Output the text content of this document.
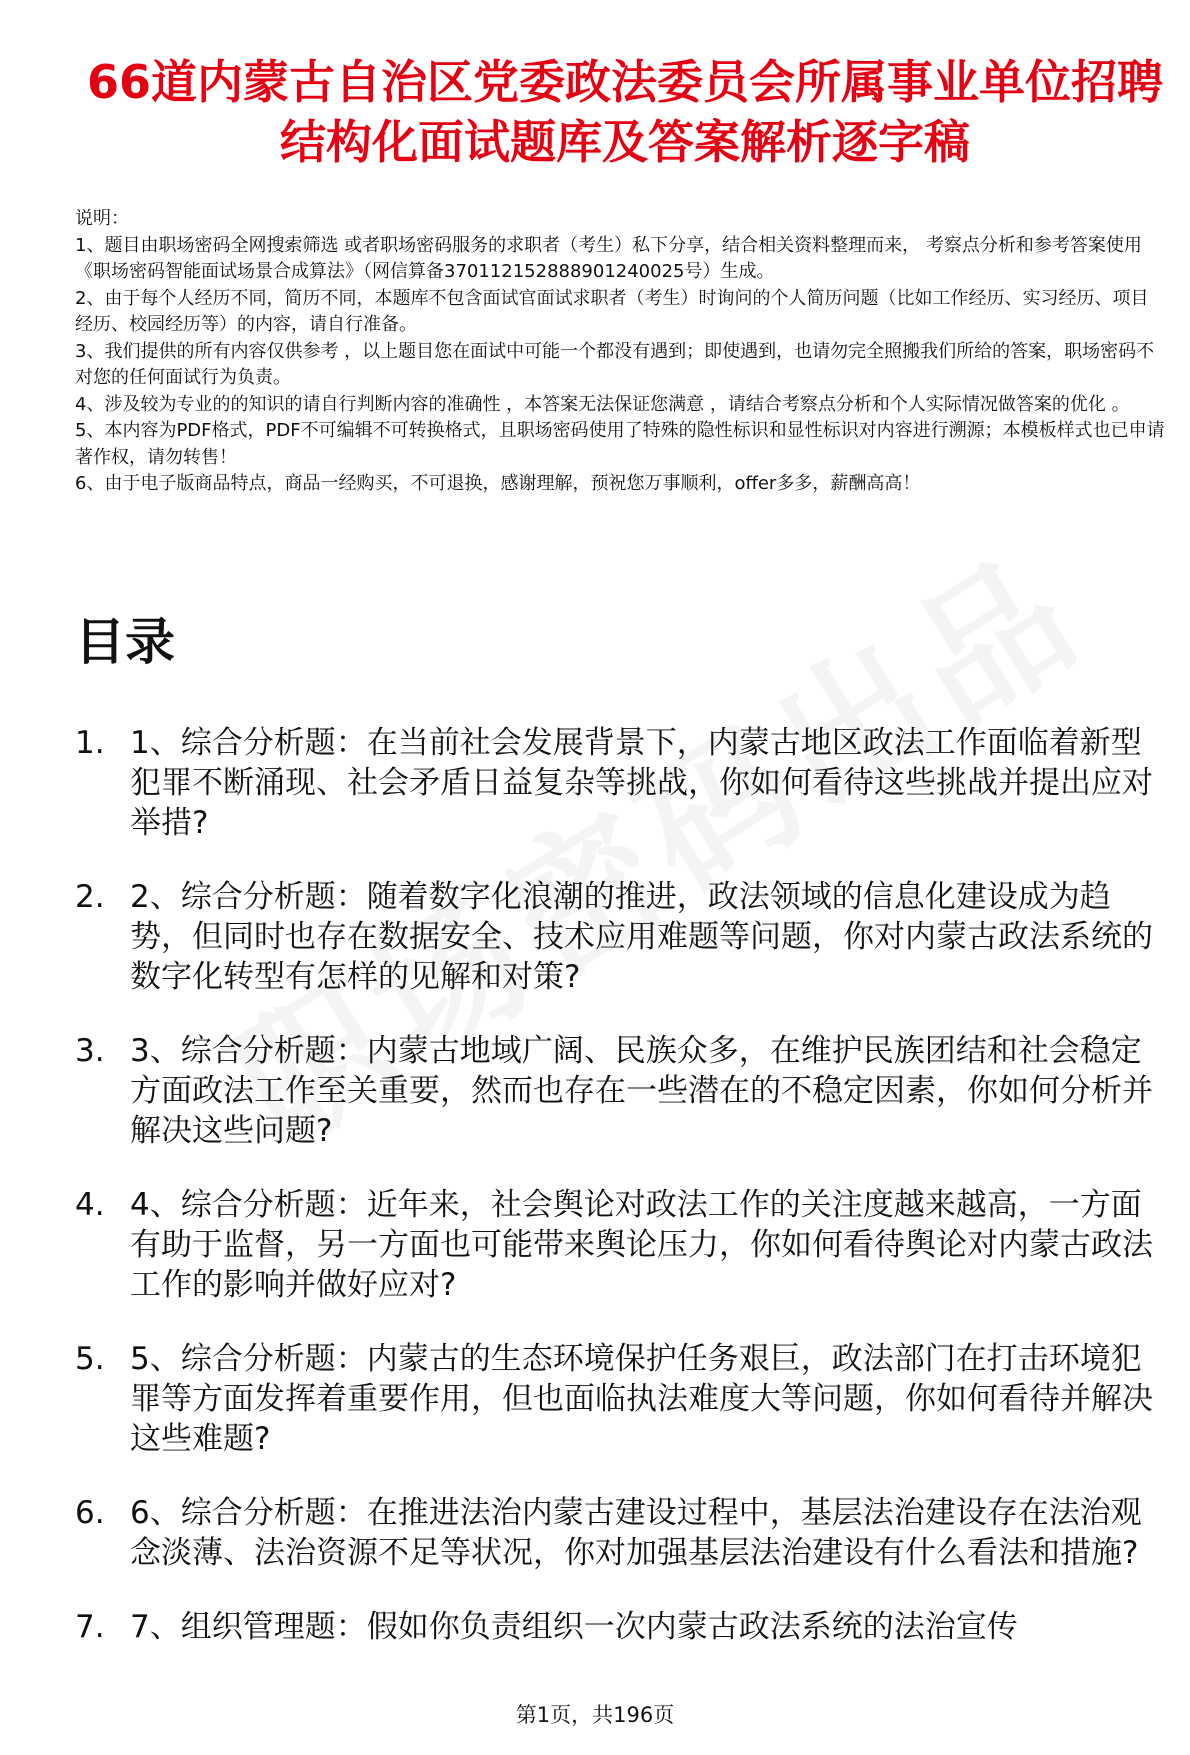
66道内蒙古自治区党委政法委员会所属事业单位招聘结构化面试题库及答案解析逐字稿

说明：

1、题目由职场密码全网搜索筛选 或者职场密码服务的求职者（考生）私下分享，结合相关资料整理而来， 考察点分析和参考答案使用《职场密码智能面试场景合成算法》（网信算备370112152888901240025号）生成。

2、由于每个人经历不同，简历不同，本题库不包含面试官面试求职者（考生）时询问的个人简历问题（比如工作经历、实习经历、项目经历、校园经历等）的内容，请自行准备。

3、我们提供的所有内容仅供参考 ，以上题目您在面试中可能一个都没有遇到；即使遇到，也请勿完全照搬我们所给的答案，职场密码不对您的任何面试行为负责。

4、涉及较为专业的的知识的请自行判断内容的准确性 ，本答案无法保证您满意 ，请结合考察点分析和个人实际情况做答案的优化 。

5、本内容为PDF格式，PDF不可编辑不可转换格式，且职场密码使用了特殊的隐性标识和显性标识对内容进行溯源；本模板样式也已申请著作权，请勿转售！

6、由于电子版商品特点，商品一经购买，不可退换，感谢理解，预祝您万事顺利，offer多多，薪酬高高！

目录
1. 1、综合分析题：在当前社会发展背景下，内蒙古地区政法工作面临着新型犯罪不断涌现、社会矛盾日益复杂等挑战，你如何看待这些挑战并提出应对举措?
2. 2、综合分析题：随着数字化浪潮的推进，政法领域的信息化建设成为趋势，但同时也存在数据安全、技术应用难题等问题，你对内蒙古政法系统的数字化转型有怎样的见解和对策?
3. 3、综合分析题：内蒙古地域广阔、民族众多，在维护民族团结和社会稳定方面政法工作至关重要，然而也存在一些潜在的不稳定因素，你如何分析并解决这些问题?
4. 4、综合分析题：近年来，社会舆论对政法工作的关注度越来越高，一方面有助于监督，另一方面也可能带来舆论压力，你如何看待舆论对内蒙古政法工作的影响并做好应对?
5. 5、综合分析题：内蒙古的生态环境保护任务艰巨，政法部门在打击环境犯罪等方面发挥着重要作用，但也面临执法难度大等问题，你如何看待并解决这些难题?
6. 6、综合分析题：在推进法治内蒙古建设过程中，基层法治建设存在法治观念淡薄、法治资源不足等状况，你对加强基层法治建设有什么看法和措施?
7. 7、组织管理题：假如你负责组织一次内蒙古政法系统的法治宣传
第1页，共196页
